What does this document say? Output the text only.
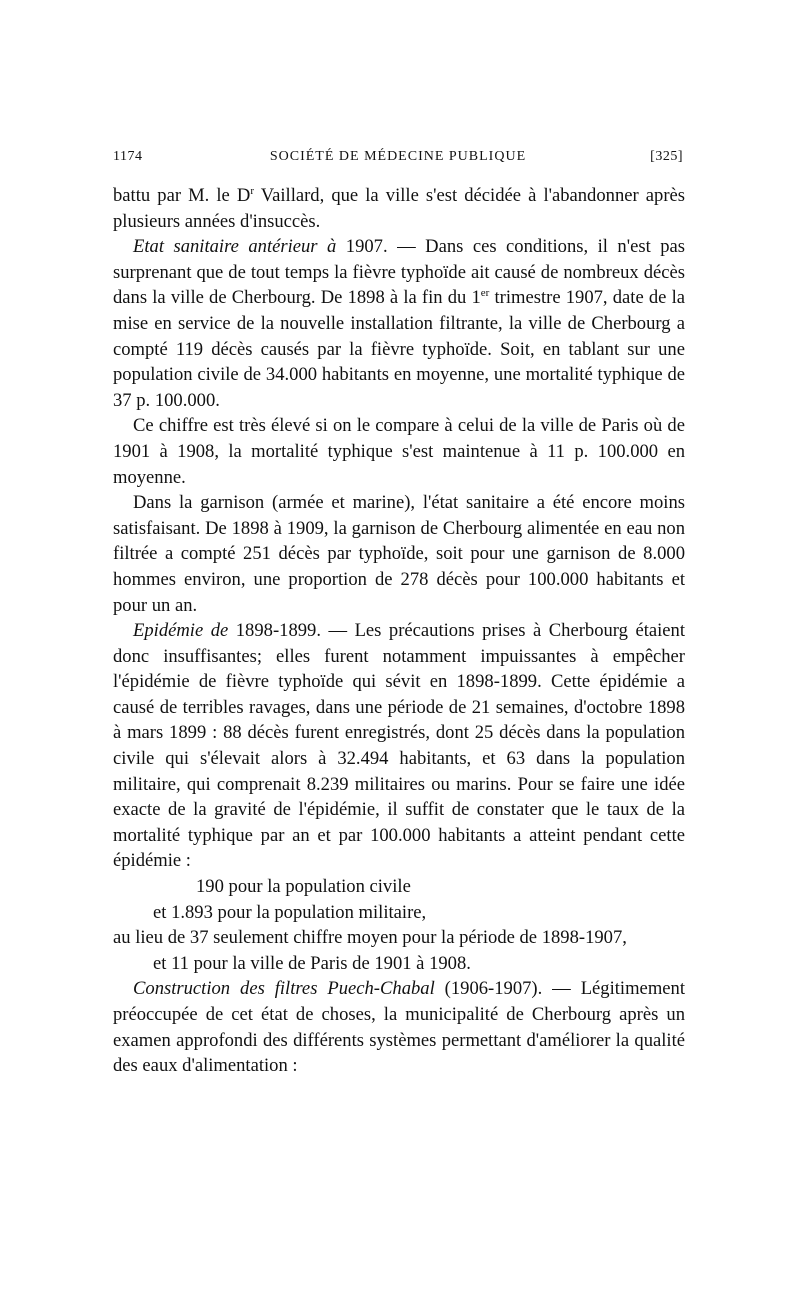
1174	SOCIÉTÉ DE MÉDECINE PUBLIQUE	[325]

battu par M. le $D^r$ Vaillard, que la ville s'est décidée à l'abandonner après plusieurs années d'insuccès.

Etat sanitaire antérieur à 1907. — Dans ces conditions, il n'est pas surprenant que de tout temps la fièvre typhoïde ait causé de nombreux décès dans la ville de Cherbourg. De 1898 à la fin du 1er trimestre 1907, date de la mise en service de la nouvelle installation filtrante, la ville de Cherbourg a compté 119 décès causés par la fièvre typhoïde. Soit, en tablant sur une population civile de 34.000 habitants en moyenne, une mortalité typhique de 37 p. 100.000.

Ce chiffre est très élevé si on le compare à celui de la ville de Paris où de 1901 à 1908, la mortalité typhique s'est maintenue à 11 p. 100.000 en moyenne.

Dans la garnison (armée et marine), l'état sanitaire a été encore moins satisfaisant. De 1898 à 1909, la garnison de Cherbourg alimentée en eau non filtrée a compté 251 décès par typhoïde, soit pour une garnison de 8.000 hommes environ, une proportion de 278 décès pour 100.000 habitants et pour un an.

Epidémie de 1898-1899. — Les précautions prises à Cherbourg étaient donc insuffisantes; elles furent notamment impuissantes à empêcher l'épidémie de fièvre typhoïde qui sévit en 1898-1899. Cette épidémie a causé de terribles ravages, dans une période de 21 semaines, d'octobre 1898 à mars 1899 : 88 décès furent enregistrés, dont 25 décès dans la population civile qui s'élevait alors à 32.494 habitants, et 63 dans la population militaire, qui comprenait 8.239 militaires ou marins. Pour se faire une idée exacte de la gravité de l'épidémie, il suffit de constater que le taux de la mortalité typhique par an et par 100.000 habitants a atteint pendant cette épidémie :

190 pour la population civile

et 1.893 pour la population militaire,

au lieu de 37 seulement chiffre moyen pour la période de 1898-1907,

et 11 pour la ville de Paris de 1901 à 1908.

Construction des filtres Puech-Chabal (1906-1907). — Légitimement préoccupée de cet état de choses, la municipalité de Cherbourg après un examen approfondi des différents systèmes permettant d'améliorer la qualité des eaux d'alimentation :
